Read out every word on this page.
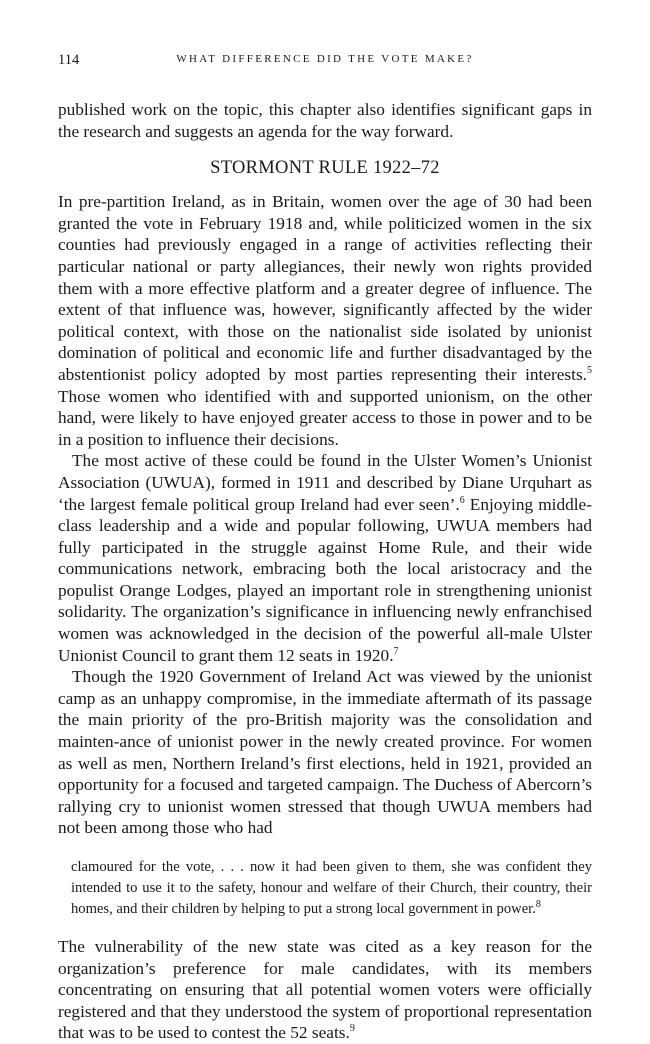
114	WHAT DIFFERENCE DID THE VOTE MAKE?

published work on the topic, this chapter also identifies significant gaps in the research and suggests an agenda for the way forward.

STORMONT RULE 1922–72

In pre-partition Ireland, as in Britain, women over the age of 30 had been granted the vote in February 1918 and, while politicized women in the six counties had previously engaged in a range of activities reflecting their particular national or party allegiances, their newly won rights provided them with a more effective platform and a greater degree of influence. The extent of that influence was, however, significantly affected by the wider political context, with those on the nationalist side isolated by unionist domination of political and economic life and further disadvantaged by the abstentionist policy adopted by most parties representing their interests.$^5$ Those women who identified with and supported unionism, on the other hand, were likely to have enjoyed greater access to those in power and to be in a position to influence their decisions.

The most active of these could be found in the Ulster Women’s Unionist Association (UWUA), formed in 1911 and described by Diane Urquhart as ‘the largest female political group Ireland had ever seen’.$^6$ Enjoying middle-class leadership and a wide and popular following, UWUA members had fully participated in the struggle against Home Rule, and their wide communications network, embracing both the local aristocracy and the populist Orange Lodges, played an important role in strengthening unionist solidarity. The organization’s significance in influencing newly enfranchised women was acknowledged in the decision of the powerful all-male Ulster Unionist Council to grant them 12 seats in 1920.$^7$

Though the 1920 Government of Ireland Act was viewed by the unionist camp as an unhappy compromise, in the immediate aftermath of its passage the main priority of the pro-British majority was the consolidation and mainten-ance of unionist power in the newly created province. For women as well as men, Northern Ireland’s first elections, held in 1921, provided an opportunity for a focused and targeted campaign. The Duchess of Abercorn’s rallying cry to unionist women stressed that though UWUA members had not been among those who had

clamoured for the vote, . . . now it had been given to them, she was confident they intended to use it to the safety, honour and welfare of their Church, their country, their homes, and their children by helping to put a strong local government in power.$^8$

The vulnerability of the new state was cited as a key reason for the organization’s preference for male candidates, with its members concentrating on ensuring that all potential women voters were officially registered and that they understood the system of proportional representation that was to be used to contest the 52 seats.$^9$
